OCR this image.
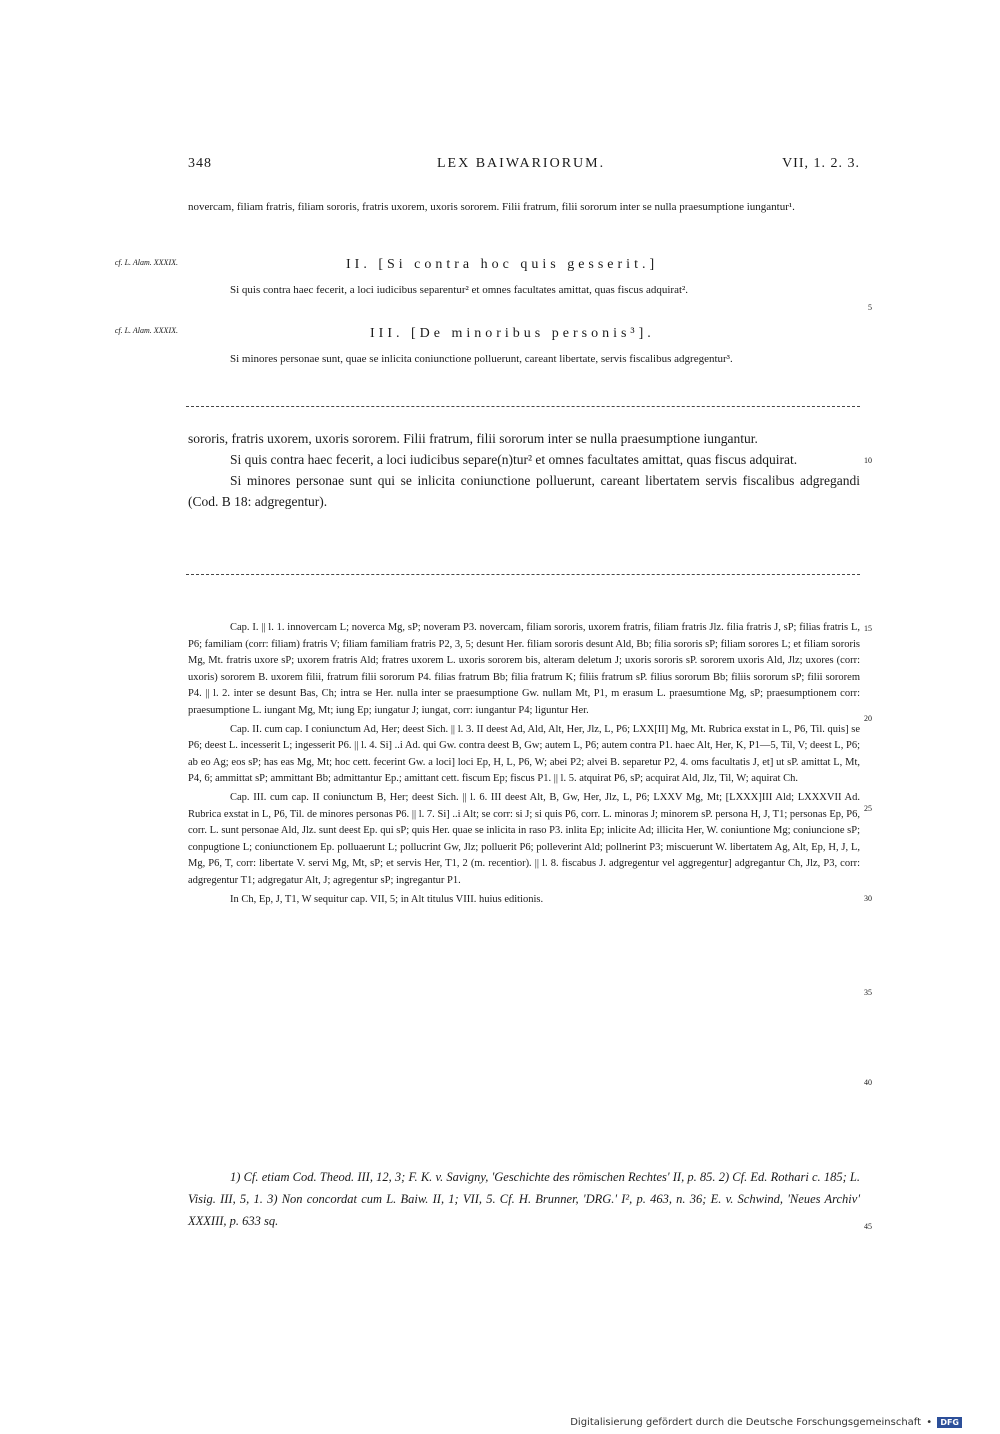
348	LEX BAIWARIORUM.	VII, 1. 2. 3.

novercam, filiam fratris, filiam sororis, fratris uxorem, uxoris sororem. Filii fratrum, filii sororum inter se nulla praesumptione iungantur¹.

cf. L. Alam. XXXIX.	II. [Si contra hoc quis gesserit.]

Si quis contra haec fecerit, a loci iudicibus separentur² et omnes facultates amittat, quas fiscus adquirat².

5
cf. L. Alam. XXXIX.	III. [De minoribus personis³].

Si minores personae sunt, quae se inlicita coniunctione polluerunt, careant libertate, servis fiscalibus adgregentur³.

sororis, fratris uxorem, uxoris sororem. Filii fratrum, filii sororum inter se nulla praesumptione iungantur.

Si quis contra haec fecerit, a loci iudicibus separe(n)tur² et omnes facultates amittat, quas fiscus adquirat.

Si minores personae sunt qui se inlicita coniunctione polluerunt, careant libertatem servis fiscalibus adgregandi (Cod. B 18: adgregentur).

10

Cap. I. || l. 1. innovercam L; noverca Mg, sP; noveram P3. novercam, filiam sororis, uxorem fratris, filiam fratris Jlz. filia fratris J, sP; filias fratris L, P6; familiam (corr: filiam) fratris V; filiam familiam fratris P2, 3, 5; desunt Her. filiam sororis desunt Ald, Bb; filia sororis sP; filiam sorores L; et filiam sororis Mg, Mt. fratris uxore sP; uxorem fratris Ald; fratres uxorem L. uxoris sororem bis, alteram deletum J; uxoris sororis sP. sororem uxoris Ald, Jlz; uxores (corr: uxoris) sororem B. uxorem filii, fratrum filii sororum P4. filias fratrum Bb; filia fratrum K; filiis fratrum sP. filius sororum Bb; filiis sororum sP; filii sororem P4. || l. 2. inter se desunt Bas, Ch; intra se Her. nulla inter se praesumptione Gw. nullam Mt, P1, m erasum L. praesumtione Mg, sP; praesumptionem corr: praesumptione L. iungant Mg, Mt; iung Ep; iungatur J; iungat, corr: iungantur P4; liguntur Her.

Cap. II. cum cap. I coniunctum Ad, Her; deest Sich. || l. 3. II deest Ad, Ald, Alt, Her, Jlz, L, P6; LXX[II] Mg, Mt. Rubrica exstat in L, P6, Til. quis] se P6; deest L. incesserit L; ingesserit P6. || l. 4. Si] ..i Ad. qui Gw. contra deest B, Gw; autem L, P6; autem contra P1. haec Alt, Her, K, P1—5, Til, V; deest L, P6; ab eo Ag; eos sP; has eas Mg, Mt; hoc cett. fecerint Gw. a loci] loci Ep, H, L, P6, W; abei P2; alvei B. separetur P2, 4. oms facultatis J, et] ut sP. amittat L, Mt, P4, 6; ammittat sP; ammittant Bb; admittantur Ep.; amittant cett. fiscum Ep; fiscus P1. || l. 5. atquirat P6, sP; acquirat Ald, Jlz, Til, W; aquirat Ch.

Cap. III. cum cap. II coniunctum B, Her; deest Sich. || l. 6. III deest Alt, B, Gw, Her, Jlz, L, P6; LXXV Mg, Mt; [LXXX]III Ald; LXXXVII Ad. Rubrica exstat in L, P6, Til. de minores personas P6. || l. 7. Si] ..i Alt; se corr: si J; si quis P6, corr. L. minoras J; minorem sP. persona H, J, T1; personas Ep, P6, corr. L. sunt personae Ald, Jlz. sunt deest Ep. qui sP; quis Her. quae se inlicita in raso P3. inlita Ep; inlicite Ad; illicita Her, W. coniuntione Mg; coniuncione sP; conpugtione L; coniunctionem Ep. polluaerunt L; pollucrint Gw, Jlz; polluerit P6; polleverint Ald; pollnerint P3; miscuerunt W. libertatem Ag, Alt, Ep, H, J, L, Mg, P6, T, corr: libertate V. servi Mg, Mt, sP; et servis Her, T1, 2 (m. recentior). || l. 8. fiscabus J. adgregentur vel aggregentur] adgregantur Ch, Jlz, P3, corr: adgregentur T1; adgregatur Alt, J; agregentur sP; ingregantur P1.

In Ch, Ep, J, T1, W sequitur cap. VII, 5; in Alt titulus VIII. huius editionis.

15
20
25
30
35
40

1) Cf. etiam Cod. Theod. III, 12, 3; F. K. v. Savigny, 'Geschichte des römischen Rechtes' II, p. 85. 2) Cf. Ed. Rothari c. 185; L. Visig. III, 5, 1. 3) Non concordat cum L. Baiw. II, 1; VII, 5. Cf. H. Brunner, 'DRG.' I², p. 463, n. 36; E. v. Schwind, 'Neues Archiv' XXXIII, p. 633 sq.	45
Digitalisierung gefördert durch die Deutsche Forschungsgemeinschaft • DFG
